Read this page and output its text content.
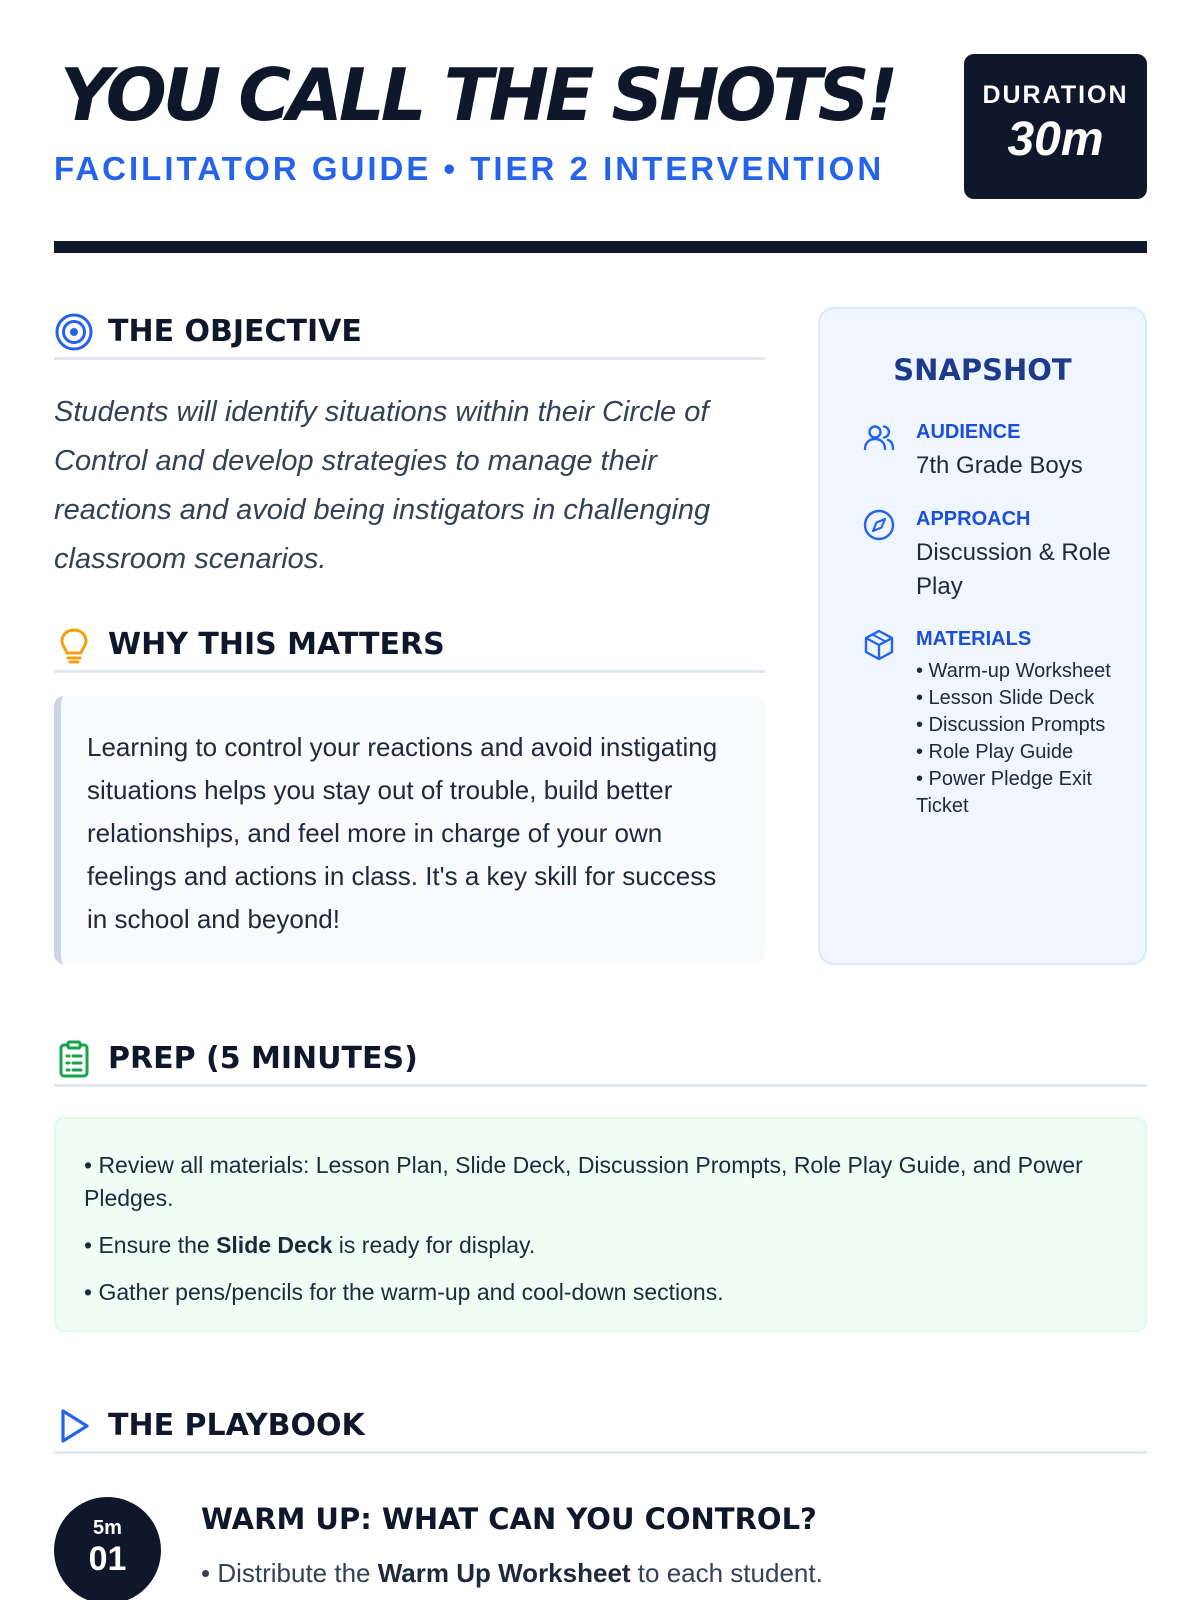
YOU CALL THE SHOTS!
FACILITATOR GUIDE • TIER 2 INTERVENTION
DURATION
30m
THE OBJECTIVE
Students will identify situations within their Circle of Control and develop strategies to manage their reactions and avoid being instigators in challenging classroom scenarios.
WHY THIS MATTERS
Learning to control your reactions and avoid instigating situations helps you stay out of trouble, build better relationships, and feel more in charge of your own feelings and actions in class. It's a key skill for success in school and beyond!
SNAPSHOT
AUDIENCE
7th Grade Boys
APPROACH
Discussion & Role Play
MATERIALS
• Warm-up Worksheet
• Lesson Slide Deck
• Discussion Prompts
• Role Play Guide
• Power Pledge Exit Ticket
PREP (5 MINUTES)
• Review all materials: Lesson Plan, Slide Deck, Discussion Prompts, Role Play Guide, and Power Pledges.
• Ensure the Slide Deck is ready for display.
• Gather pens/pencils for the warm-up and cool-down sections.
THE PLAYBOOK
5m
01
WARM UP: WHAT CAN YOU CONTROL?
• Distribute the Warm Up Worksheet to each student.
